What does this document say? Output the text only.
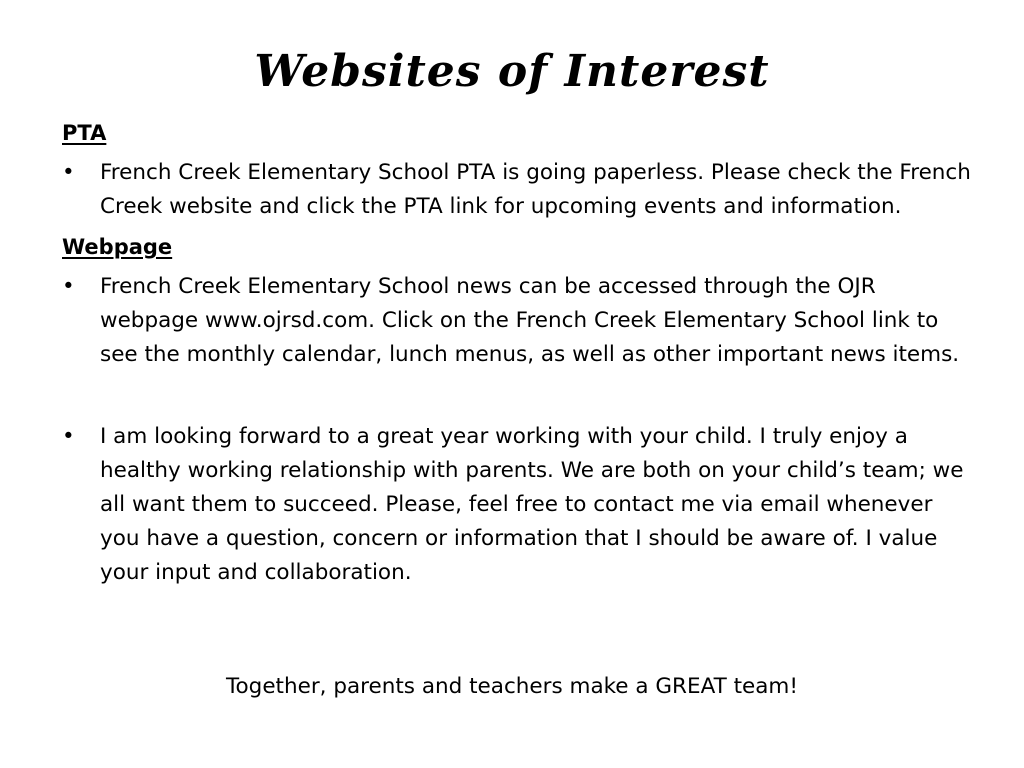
Websites of Interest

PTA

•	French Creek Elementary School PTA is going paperless. Please check the French Creek website and click the PTA link for upcoming events and information.

Webpage

•	French Creek Elementary School news can be accessed through the OJR webpage www.ojrsd.com. Click on the French Creek Elementary School link to see the monthly calendar, lunch menus, as well as other important news items.

•	I am looking forward to a great year working with your child. I truly enjoy a healthy working relationship with parents. We are both on your child’s team; we all want them to succeed. Please, feel free to contact me via email whenever you have a question, concern or information that I should be aware of. I value your input and collaboration.

Together, parents and teachers make a GREAT team!
